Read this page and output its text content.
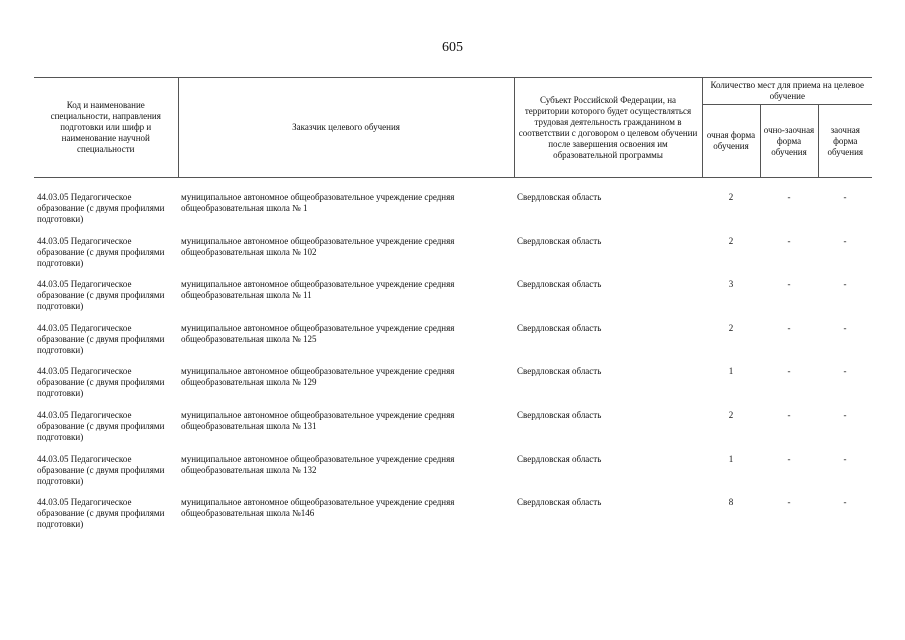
605
Код и наименование специальности, направления подготовки или шифр и наименование научной специальности	Заказчик целевого обучения	Субъект Российской Федерации, на территории которого будет осуществляться трудовая деятельность гражданином в соответствии с договором о целевом обучении после завершения освоения им образовательной программы	Количество мест для приема на целевое обучение		
			очная форма обучения	очно-заочная форма обучения	заочная форма обучения
44.03.05 Педагогическое образование (с двумя профилями подготовки)	муниципальное автономное общеобразовательное учреждение средняя общеобразовательная школа № 1	Свердловская область	2	-	-
44.03.05 Педагогическое образование (с двумя профилями подготовки)	муниципальное автономное общеобразовательное учреждение средняя общеобразовательная школа № 102	Свердловская область	2	-	-
44.03.05 Педагогическое образование (с двумя профилями подготовки)	муниципальное автономное общеобразовательное учреждение средняя общеобразовательная школа № 11	Свердловская область	3	-	-
44.03.05 Педагогическое образование (с двумя профилями подготовки)	муниципальное автономное общеобразовательное учреждение средняя общеобразовательная школа № 125	Свердловская область	2	-	-
44.03.05 Педагогическое образование (с двумя профилями подготовки)	муниципальное автономное общеобразовательное учреждение средняя общеобразовательная школа № 129	Свердловская область	1	-	-
44.03.05 Педагогическое образование (с двумя профилями подготовки)	муниципальное автономное общеобразовательное учреждение средняя общеобразовательная школа № 131	Свердловская область	2	-	-
44.03.05 Педагогическое образование (с двумя профилями подготовки)	муниципальное автономное общеобразовательное учреждение средняя общеобразовательная школа № 132	Свердловская область	1	-	-
44.03.05 Педагогическое образование (с двумя профилями подготовки)	муниципальное автономное общеобразовательное учреждение средняя общеобразовательная школа №146	Свердловская область	8	-	-
